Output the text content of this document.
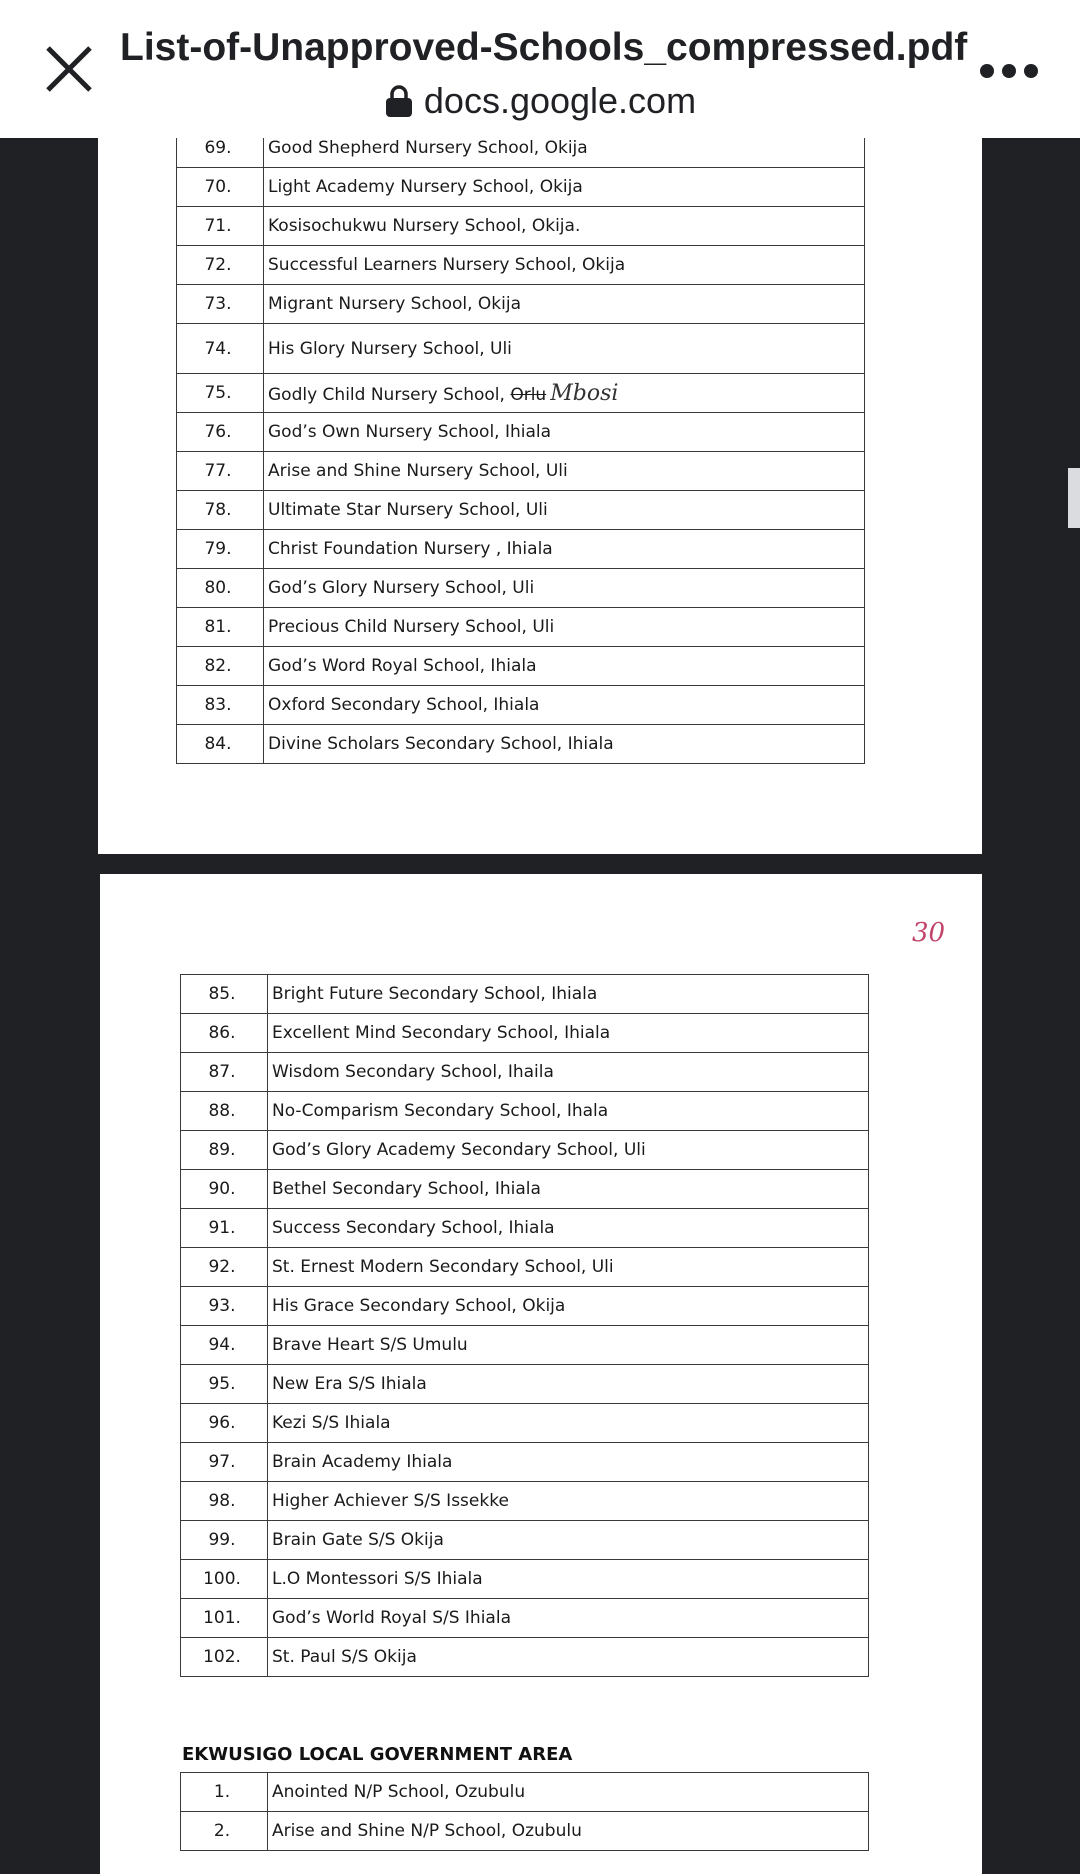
List-of-Unapproved-Schools_compressed.pdf
docs.google.com
69.	Good Shepherd Nursery School, Okija
70.	Light Academy Nursery School, Okija
71.	Kosisochukwu Nursery School, Okija.
72.	Successful Learners Nursery School, Okija
73.	Migrant Nursery School, Okija
74.	His Glory Nursery School, Uli
75.	Godly Child Nursery School, Orlu Mbosi
76.	God’s Own Nursery School, Ihiala
77.	Arise and Shine Nursery School, Uli
78.	Ultimate Star Nursery School, Uli
79.	Christ Foundation Nursery , Ihiala
80.	God’s Glory Nursery School, Uli
81.	Precious Child Nursery School, Uli
82.	God’s Word Royal School, Ihiala
83.	Oxford Secondary School, Ihiala
84.	Divine Scholars Secondary School, Ihiala
30
85.	Bright Future Secondary School, Ihiala
86.	Excellent Mind Secondary School, Ihiala
87.	Wisdom Secondary School, Ihaila
88.	No-Comparism Secondary School, Ihala
89.	God’s Glory Academy Secondary School, Uli
90.	Bethel Secondary School, Ihiala
91.	Success Secondary School, Ihiala
92.	St. Ernest Modern Secondary School, Uli
93.	His Grace Secondary School, Okija
94.	Brave Heart S/S Umulu
95.	New Era S/S Ihiala
96.	Kezi S/S Ihiala
97.	Brain Academy Ihiala
98.	Higher Achiever S/S Issekke
99.	Brain Gate S/S Okija
100.	L.O Montessori S/S Ihiala
101.	God’s World Royal S/S Ihiala
102.	St. Paul S/S Okija
EKWUSIGO LOCAL GOVERNMENT AREA
1.	Anointed N/P School, Ozubulu
2.	Arise and Shine N/P School, Ozubulu
